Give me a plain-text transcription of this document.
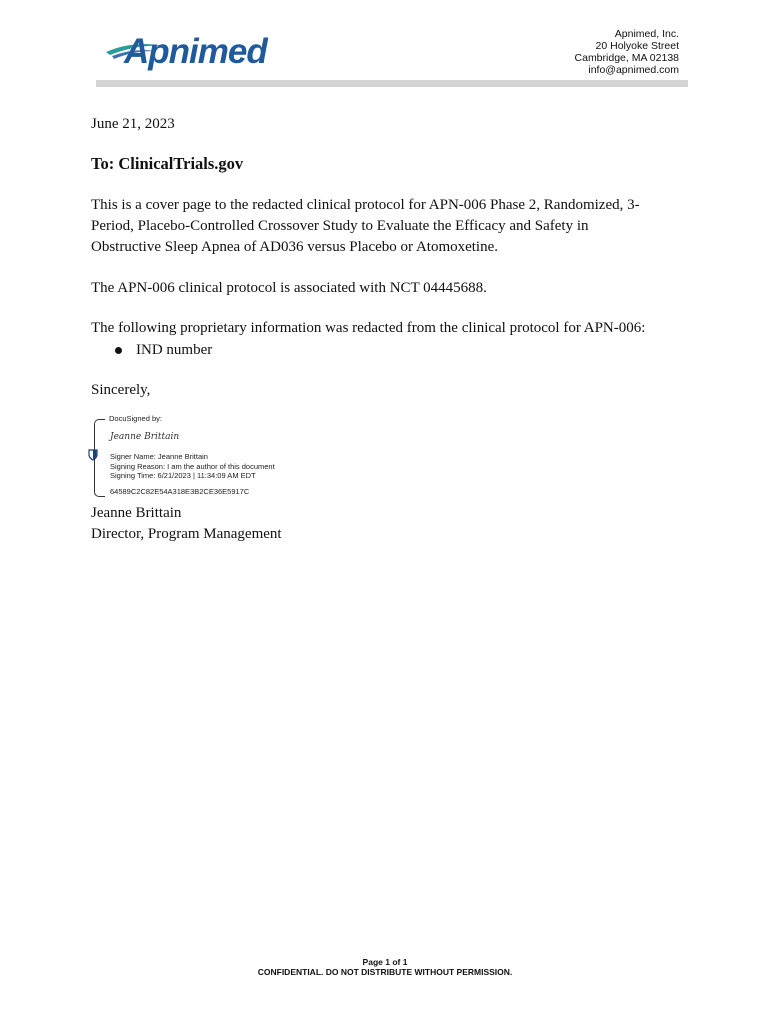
Apnimed	Apnimed, Inc.
20 Holyoke Street
Cambridge, MA 02138
info@apnimed.com
June 21, 2023
To: ClinicalTrials.gov
This is a cover page to the redacted clinical protocol for APN-006 Phase 2, Randomized, 3-
Period, Placebo-Controlled Crossover Study to Evaluate the Efficacy and Safety in
Obstructive Sleep Apnea of AD036 versus Placebo or Atomoxetine.
The APN-006 clinical protocol is associated with NCT 04445688.
The following proprietary information was redacted from the clinical protocol for APN-006:
IND number
Sincerely,
DocuSigned by:
Jeanne Brittain
Signer Name: Jeanne Brittain
Signing Reason: I am the author of this document
Signing Time: 6/21/2023 | 11:34:09 AM EDT
64589C2C82E54A318E3B2CE36E5917C
Jeanne Brittain
Director, Program Management
Page 1 of 1
CONFIDENTIAL. DO NOT DISTRIBUTE WITHOUT PERMISSION.
